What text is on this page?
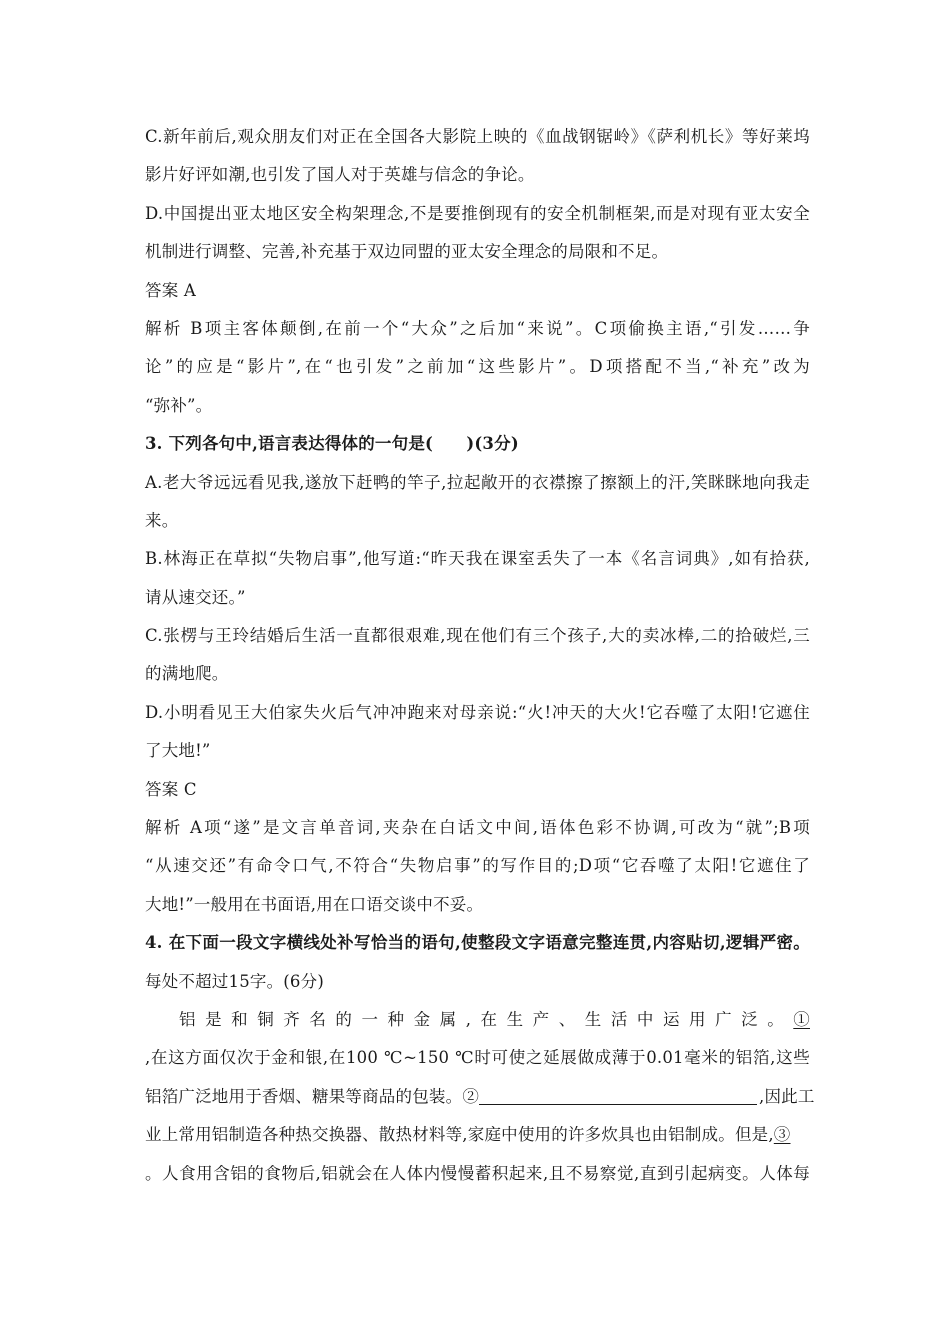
C.新年前后,观众朋友们对正在全国各大影院上映的《血战钢锯岭》《萨利机长》等好莱坞
影片好评如潮,也引发了国人对于英雄与信念的争论。
D.中国提出亚太地区安全构架理念,不是要推倒现有的安全机制框架,而是对现有亚太安全
机制进行调整、完善,补充基于双边同盟的亚太安全理念的局限和不足。
答案 A
解析 B项主客体颠倒,在前一个“大众”之后加“来说”。C项偷换主语,“引发……争
论”的应是“影片”,在“也引发”之前加“这些影片”。D项搭配不当,“补充”改为
“弥补”。
3. 下列各句中,语言表达得体的一句是(　　)(3分)
A.老大爷远远看见我,遂放下赶鸭的竿子,拉起敞开的衣襟擦了擦额上的汗,笑眯眯地向我走
来。
B.林海正在草拟“失物启事”,他写道:“昨天我在课室丢失了一本《名言词典》,如有拾获,
请从速交还。”
C.张楞与王玲结婚后生活一直都很艰难,现在他们有三个孩子,大的卖冰棒,二的拾破烂,三
的满地爬。
D.小明看见王大伯家失火后气冲冲跑来对母亲说:“火!冲天的大火!它吞噬了太阳!它遮住
了大地!”
答案 C
解析 A项“遂”是文言单音词,夹杂在白话文中间,语体色彩不协调,可改为“就”;B项
“从速交还”有命令口气,不符合“失物启事”的写作目的;D项“它吞噬了太阳!它遮住了
大地!”一般用在书面语,用在口语交谈中不妥。
4. 在下面一段文字横线处补写恰当的语句,使整段文字语意完整连贯,内容贴切,逻辑严密。
每处不超过15字。(6分)
铝是和铜齐名的一种金属,在生产、生活中运用广泛。①
,在这方面仅次于金和银,在100 ℃~150 ℃时可使之延展做成薄于0.01毫米的铝箔,这些
铝箔广泛地用于香烟、糖果等商品的包装。②	,因此工
业上常用铝制造各种热交换器、散热材料等,家庭中使用的许多炊具也由铝制成。但是,③
。人食用含铝的食物后,铝就会在人体内慢慢蓄积起来,且不易察觉,直到引起病变。人体每
